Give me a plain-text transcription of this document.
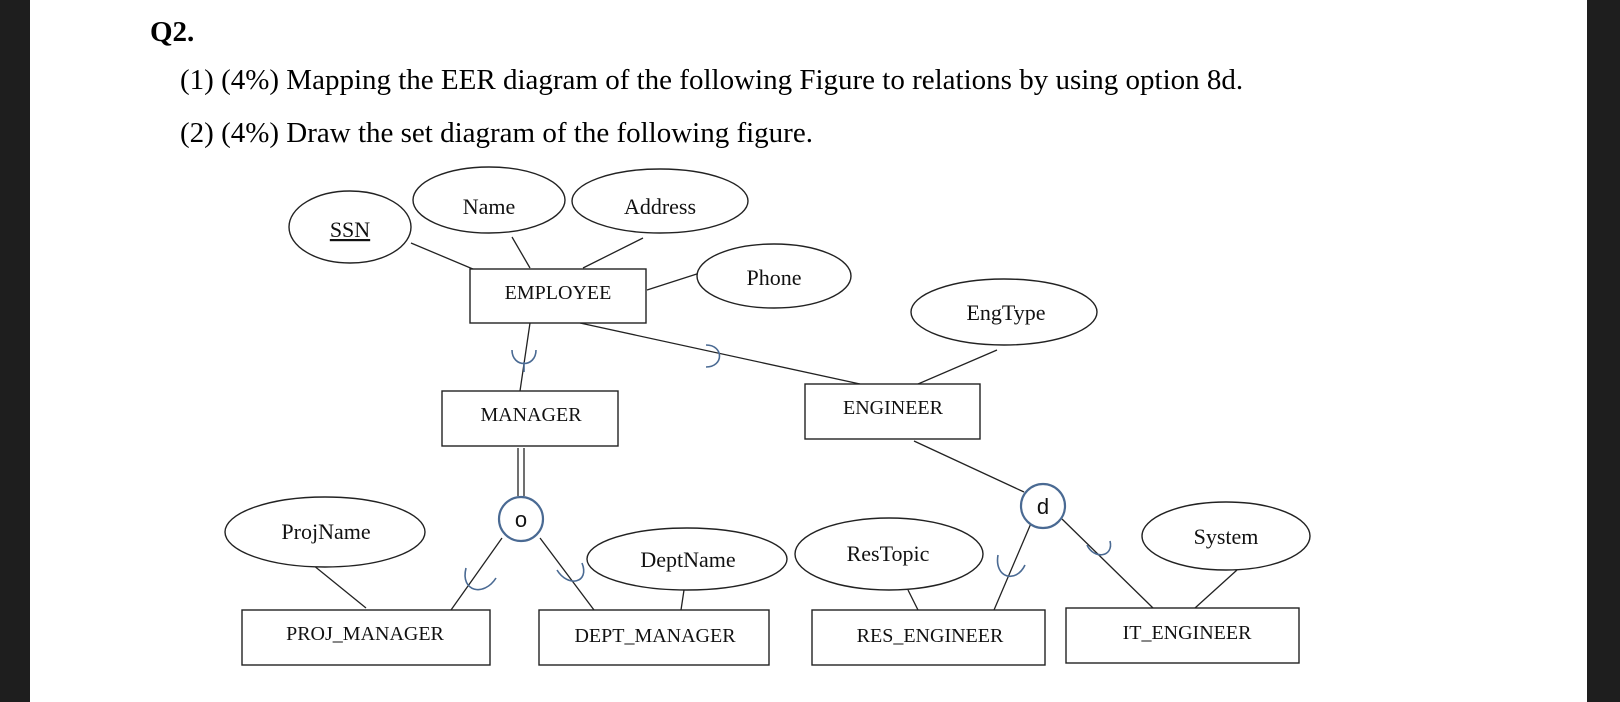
Q2.
(1) (4%) Mapping the EER diagram of the following Figure to relations by using option 8d.
(2) (4%) Draw the set diagram of the following figure.
SSN
Name	Address
Phone
EngType
ProjName
DeptName	ResTopic
System
EMPLOYEE
MANAGER	ENGINEER
PROJ_MANAGER	DEPT_MANAGER	RES_ENGINEER	IT_ENGINEER
o
d
